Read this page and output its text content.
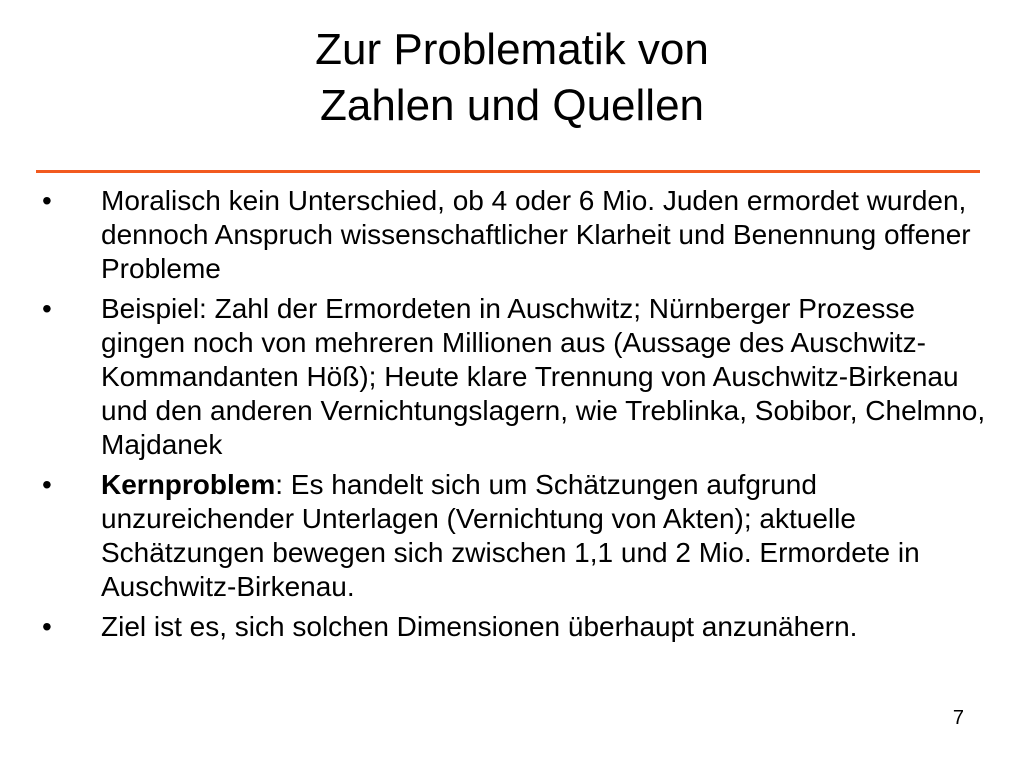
Zur Problematik von
Zahlen und Quellen
• Moralisch kein Unterschied, ob 4 oder 6 Mio. Juden ermordet wurden, dennoch Anspruch wissenschaftlicher Klarheit und Benennung offener Probleme
• Beispiel: Zahl der Ermordeten in Auschwitz; Nürnberger Prozesse gingen noch von mehreren Millionen aus (Aussage des Auschwitz-Kommandanten Höß); Heute klare Trennung von Auschwitz-Birkenau und den anderen Vernichtungslagern, wie Treblinka, Sobibor, Chelmno, Majdanek
• Kernproblem: Es handelt sich um Schätzungen aufgrund unzureichender Unterlagen (Vernichtung von Akten); aktuelle Schätzungen bewegen sich zwischen 1,1 und 2 Mio. Ermordete in Auschwitz-Birkenau.
• Ziel ist es, sich solchen Dimensionen überhaupt anzunähern.
7
